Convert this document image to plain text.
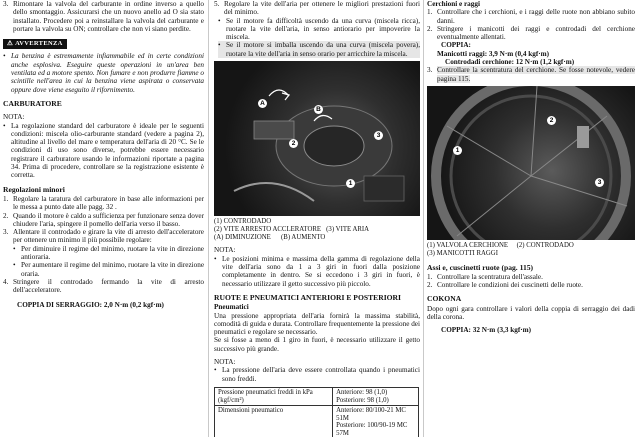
3. Rimontare la valvola del carburante in ordine inverso a quello dello smontaggio. Assicurarsi che un nuovo anello ad O sia stato installato. Procedere poi a reinstallare la valvola del carburante e portare la valvola su ON; controllare che non vi siano perdite.
⚠ AVVERTENZA
• La benzina è estremamente infiammabile ed in certe condizioni anche esplosiva. Eseguire queste operazioni in un'area ben ventilata ed a motore spento. Non fumare e non produrre fiamme o scintille nell'area in cui la benzina viene aspirata o conservata oppure dove viene eseguito il rifornimento.
CARBURATORE

NOTA:

• La regolazione standard del carburatore è ideale per le seguenti condizioni: miscela olio-carburante standard (vedere a pagina 2), altitudine al livello del mare e temperatura dell'aria di 20 °C. Se le condizioni di uso sono diverse, potrebbe essere necessario registrare il carburatore usando le informazioni riportate a pagina 34. Prima di procedere, controllare se la registrazione esistente è corretta.
Regolazioni minori
1. Regolare la taratura del carburatore in base alle informazioni per le messa a punto date alle pagg. 32 .
2. Quando il motore è caldo a sufficienza per funzionare senza dover chiudere l'aria, spingere il pomello dell'aria verso il basso.
3. Allentare il controdado e girare la vite di arresto dell'acceleratore per ottenere un minimo il più possibile regolare:
• Per diminuire il regime del minimo, ruotare la vite in direzione antioraria.
• Per aumentare il regime del minimo, ruotare la vite in direzione oraria.
4. Stringere il controdado fermando la vite di arresto dell'acceleratore.

COPPIA DI SERRAGGIO: 2,0 N·m (0,2 kgf·m)

5. Regolare la vite dell'aria per ottenere le migliori prestazioni fuori del minimo.
• Se il motore fa difficoltà uscendo da una curva (miscela ricca), ruotare la vite dell'aria, in senso antiorario per impoverire la miscela.
• Se il motore si imballa uscendo da una curva (miscela povera), ruotare la vite dell'aria in senso orario per arricchire la miscela.
A
B
2
3
1
(1) CONTRODADO
(2) VITE ARRESTO ACCLERATORE (3) VITE ARIA
(A) DIMINUZIONE (B) AUMENTO

NOTA:

• Le posizioni minima e massima della gamma di regolazione della vite dell'aria sono da 1 a 3 giri in fuori dalla posizione completamente in dentro. Se si eccedono i 3 giri in fuori, è necessario utilizzare il getto successivo più piccolo.
RUOTE E PNEUMATICI ANTERIORI E POSTERIORI
Pneumatici

Una pressione appropriata dell'aria fornirà la massima stabilità, comodità di guida e durata. Controllare frequentemente la pressione dei pneumatici e regolare se necessario.

Se si fosse a meno di 1 giro in fuori, è necessario utilizzare il getto successivo più grande.

NOTA:

• La pressione dell'aria deve essere controllata quando i pneumatici sono freddi.
Pressione pneumatici freddi in kPa (kgf/cm²)	Anteriore: 98 (1,0)
Posteriore: 98 (1,0)
Dimensioni pneumatico	Anteriore: 80/100-21 MC 51M
Posteriore: 100/90-19 MC 57M
Cerchioni e raggi
1. Controllare che i cerchioni, e i raggi delle ruote non abbiano subito danni.
2. Stringere i manicotti dei raggi e controdadi del cerchione eventualmente allentati.
COPPIA:
Manicotti raggi: 3,9 N·m (0,4 kgf·m)
Controdadi cerchione: 12 N·m (1,2 kgf·m)
3. Controllare la scentratura del cerchione. Se fosse notevole, vedere pagina 115.
1
2
3
(1) VALVOLA CERCHIONE (2) CONTRODADO
(3) MANICOTTI RAGGI
Assi e, cuscinetti ruote (pag. 115)
1. Controllare la scentratura dell'assale.
2. Controllare le condizioni dei cuscinetti delle ruote.
COKONA

Dopo ogni gara controllare i valori della coppia di serraggio dei dadi della corona.

COPPIA: 32 N·m (3,3 kgf·m)
